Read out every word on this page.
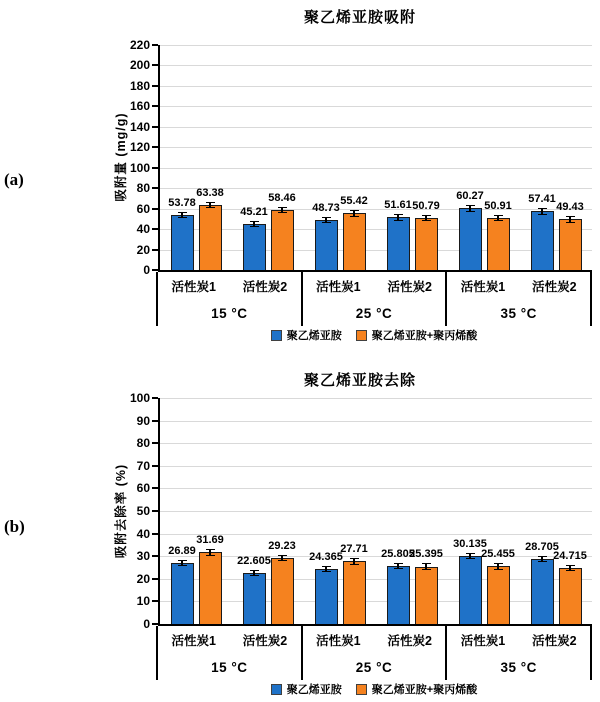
(a)
聚乙烯亚胺吸附
吸附量 (mg/g)
0
20
40
60
80
100
120
140
160
180
200
220
53.78
45.21	48.73	51.61
60.27	57.41
63.38	58.46	55.42	50.79	50.91	49.43
活性炭1	活性炭2
15 °C
活性炭1	活性炭2
25 °C
活性炭1	活性炭2
35 °C
聚乙烯亚胺	聚乙烯亚胺+聚丙烯酸
(b)
聚乙烯亚胺去除
吸附去除率 (%)
0
10
20
30
40
50
60
70
80
90
100
26.89
22.605	24.365	25.805
30.135	28.705
31.69	29.23	27.71	25.395	25.455	24.715
活性炭1	活性炭2
15 °C
活性炭1	活性炭2
25 °C
活性炭1	活性炭2
35 °C
聚乙烯亚胺	聚乙烯亚胺+聚丙烯酸
